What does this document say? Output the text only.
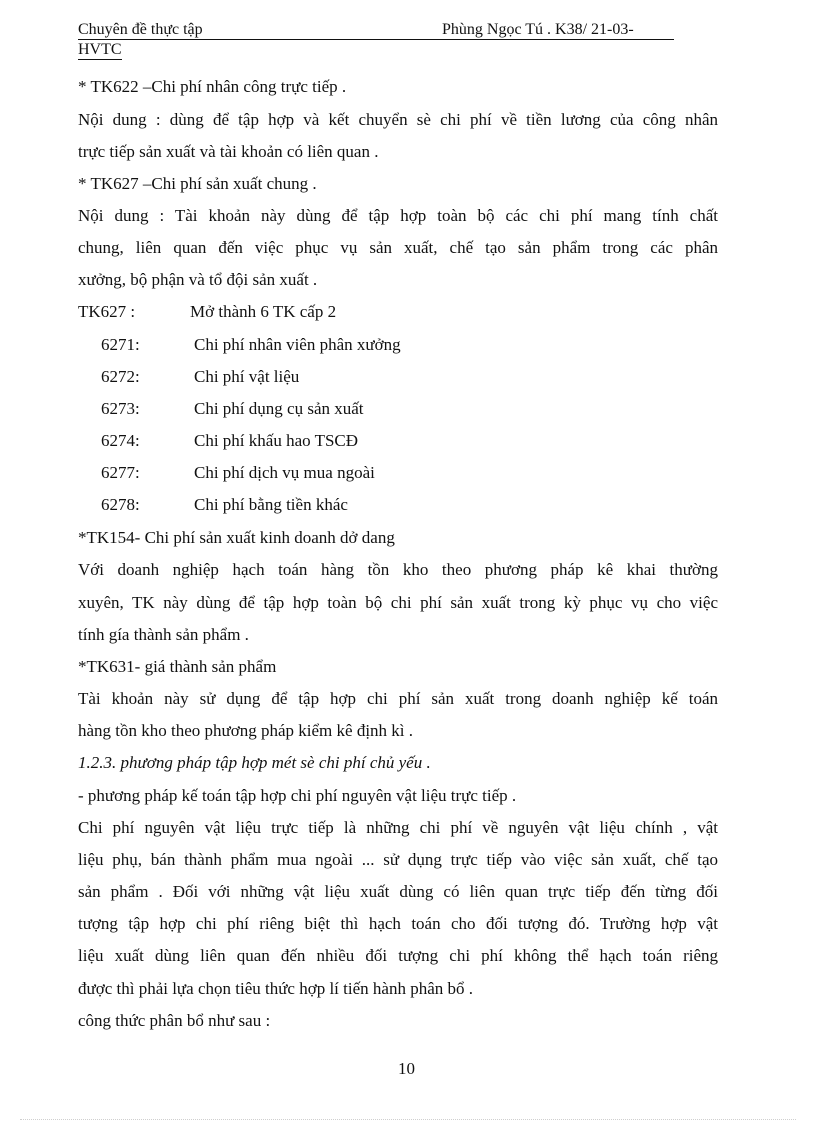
Chuyên đề thực tập	Phùng Ngọc Tú . K38/ 21-03-
HVTC
* TK622 –Chi phí nhân công trực tiếp .
Nội dung : dùng để tập hợp và kết chuyển sè chi phí về tiền lương của công nhân
trực tiếp sản xuất và tài khoản có liên quan .
* TK627 –Chi phí sản xuất chung .
Nội dung : Tài khoản này dùng để tập hợp toàn bộ các chi phí mang tính chất
chung, liên quan đến việc phục vụ sản xuất, chế tạo sản phẩm trong các phân
xưởng, bộ phận và tổ đội sản xuất .
TK627 :	Mở thành 6 TK cấp 2
6271:	Chi phí nhân viên phân xưởng
6272:	Chi phí vật liệu
6273:	Chi phí dụng cụ sản xuất
6274:	Chi phí khấu hao TSCĐ
6277:	Chi phí dịch vụ mua ngoài
6278:	Chi phí bằng tiền khác
*TK154- Chi phí sản xuất kinh doanh dở dang
Với doanh nghiệp hạch toán hàng tồn kho theo phương pháp kê khai thường
xuyên, TK này dùng để tập hợp toàn bộ chi phí sản xuất trong kỳ phục vụ cho việc
tính gía thành sản phẩm .
*TK631- giá thành sản phẩm
Tài khoản này sử dụng để tập hợp chi phí sản xuất trong doanh nghiệp kế toán
hàng tồn kho theo phương pháp kiểm kê định kì .
1.2.3. phương pháp tập hợp mét sè chi phí chủ yếu .
- phương pháp kế toán tập hợp chi phí nguyên vật liệu trực tiếp .
Chi phí nguyên vật liệu trực tiếp là những chi phí về nguyên vật liệu chính , vật
liệu phụ, bán thành phẩm mua ngoài ... sử dụng trực tiếp vào việc sản xuất, chế tạo
sản phẩm . Đối với những vật liệu xuất dùng có liên quan trực tiếp đến từng đối
tượng tập hợp chi phí riêng biệt thì hạch toán cho đối tượng đó. Trường hợp vật
liệu xuất dùng liên quan đến nhiều đối tượng chi phí không thể hạch toán riêng
được thì phải lựa chọn tiêu thức hợp lí tiến hành phân bổ .
công thức phân bổ như sau :
10
